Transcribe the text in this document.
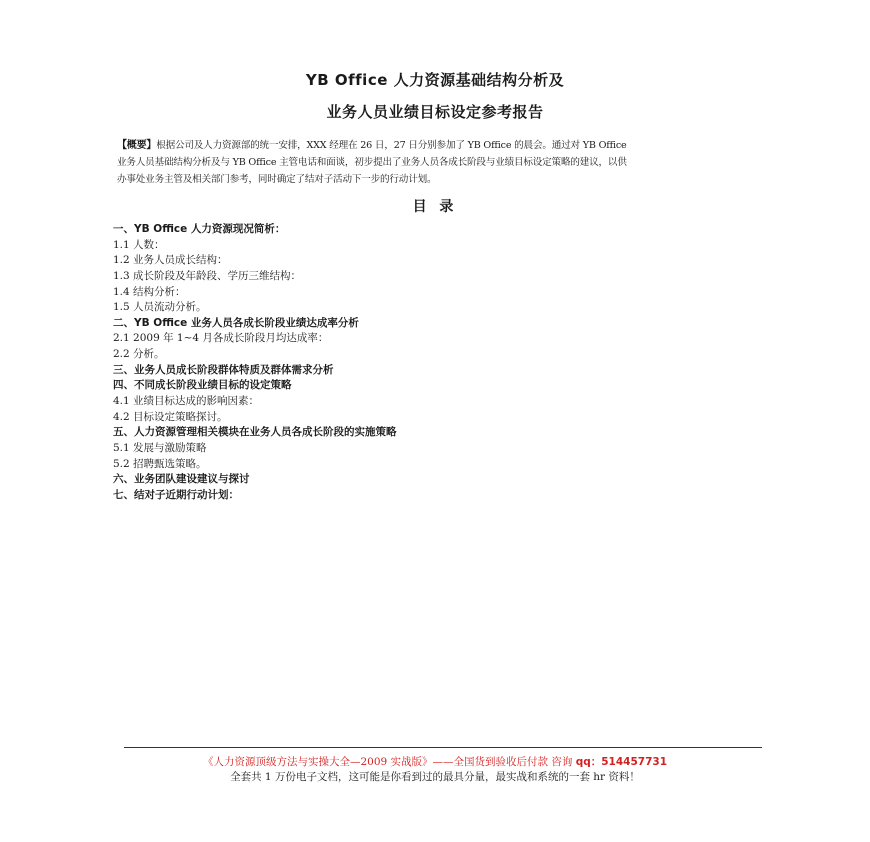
YB Office 人力资源基础结构分析及
业务人员业绩目标设定参考报告
【概要】根据公司及人力资源部的统一安排，XXX 经理在 26 日，27 日分别参加了 YB Office 的晨会。通过对 YB Office
业务人员基础结构分析及与 YB Office 主管电话和面谈，初步提出了业务人员各成长阶段与业绩目标设定策略的建议，以供
办事处业务主管及相关部门参考，同时确定了结对子活动下一步的行动计划。
目 录
一、YB Office 人力资源现况简析：
1.1 人数：
1.2 业务人员成长结构：
1.3 成长阶段及年龄段、学历三维结构：
1.4 结构分析：
1.5 人员流动分析。
二、YB Office 业务人员各成长阶段业绩达成率分析
2.1 2009 年 1~4 月各成长阶段月均达成率：
2.2 分析。
三、业务人员成长阶段群体特质及群体需求分析
四、不同成长阶段业绩目标的设定策略
4.1 业绩目标达成的影响因素：
4.2 目标设定策略探讨。
五、人力资源管理相关模块在业务人员各成长阶段的实施策略
5.1 发展与激励策略
5.2 招聘甄选策略。
六、业务团队建设建议与探讨
七、结对子近期行动计划：
《人力资源顶级方法与实操大全—2009 实战版》——全国货到验收后付款 咨询 qq：514457731
全套共 1 万份电子文档，这可能是你看到过的最具分量，最实战和系统的一套 hr 资料！
